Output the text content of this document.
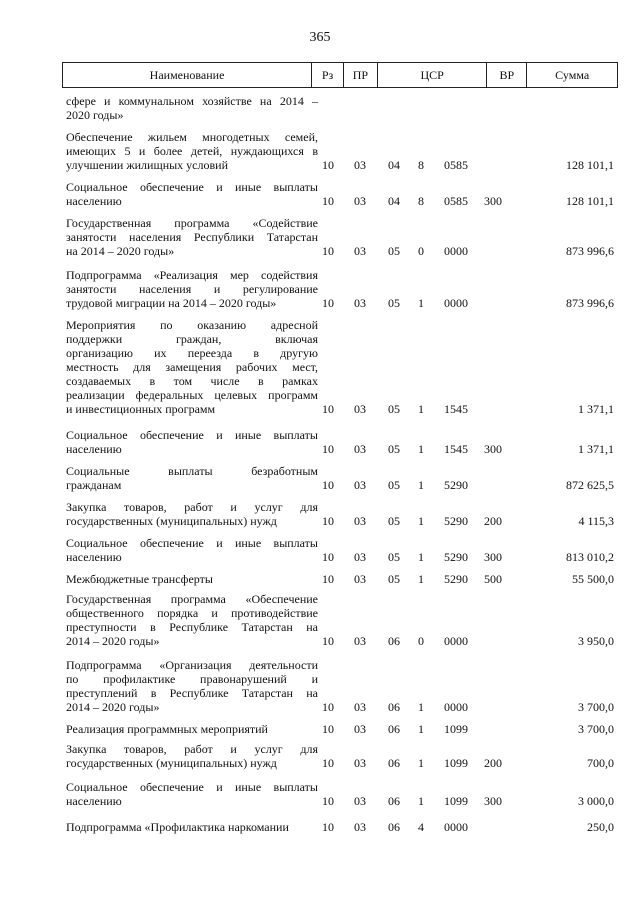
365
Наименование	Рз	ПР	ЦСР	ВР	Сумма
сфере и коммунальном хозяйстве на 2014 –
2020 годы»
Обеспечение жильем многодетных семей,
имеющих 5 и более детей, нуждающихся в
улучшении жилищных условий	10 03 04 8 0585	128 101,1
Социальное обеспечение и иные выплаты
населению	10 03 04 8 0585 300	128 101,1
Государственная программа «Содействие
занятости населения Республики Татарстан
на 2014 – 2020 годы»	10 03 05 0 0000	873 996,6
Подпрограмма «Реализация мер содействия
занятости населения и регулирование
трудовой миграции на 2014 – 2020 годы»	10 03 05 1 0000	873 996,6
Мероприятия по оказанию адресной
поддержки граждан, включая
организацию их переезда в другую
местность для замещения рабочих мест,
создаваемых в том числе в рамках
реализации федеральных целевых программ
и инвестиционных программ	10 03 05 1 1545	1 371,1
Социальное обеспечение и иные выплаты
населению	10 03 05 1 1545 300	1 371,1
Социальные выплаты безработным
гражданам	10 03 05 1 5290	872 625,5
Закупка товаров, работ и услуг для
государственных (муниципальных) нужд	10 03 05 1 5290 200	4 115,3
Социальное обеспечение и иные выплаты
населению	10 03 05 1 5290 300	813 010,2
Межбюджетные трансферты	10 03 05 1 5290 500	55 500,0
Государственная программа «Обеспечение
общественного порядка и противодействие
преступности в Республике Татарстан на
2014 – 2020 годы»	10 03 06 0 0000	3 950,0
Подпрограмма «Организация деятельности
по профилактике правонарушений и
преступлений в Республике Татарстан на
2014 – 2020 годы»	10 03 06 1 0000	3 700,0
Реализация программных мероприятий	10 03 06 1 1099	3 700,0
Закупка товаров, работ и услуг для
государственных (муниципальных) нужд	10 03 06 1 1099 200	700,0
Социальное обеспечение и иные выплаты
населению	10 03 06 1 1099 300	3 000,0
Подпрограмма «Профилактика наркомании	10 03 06 4 0000	250,0
